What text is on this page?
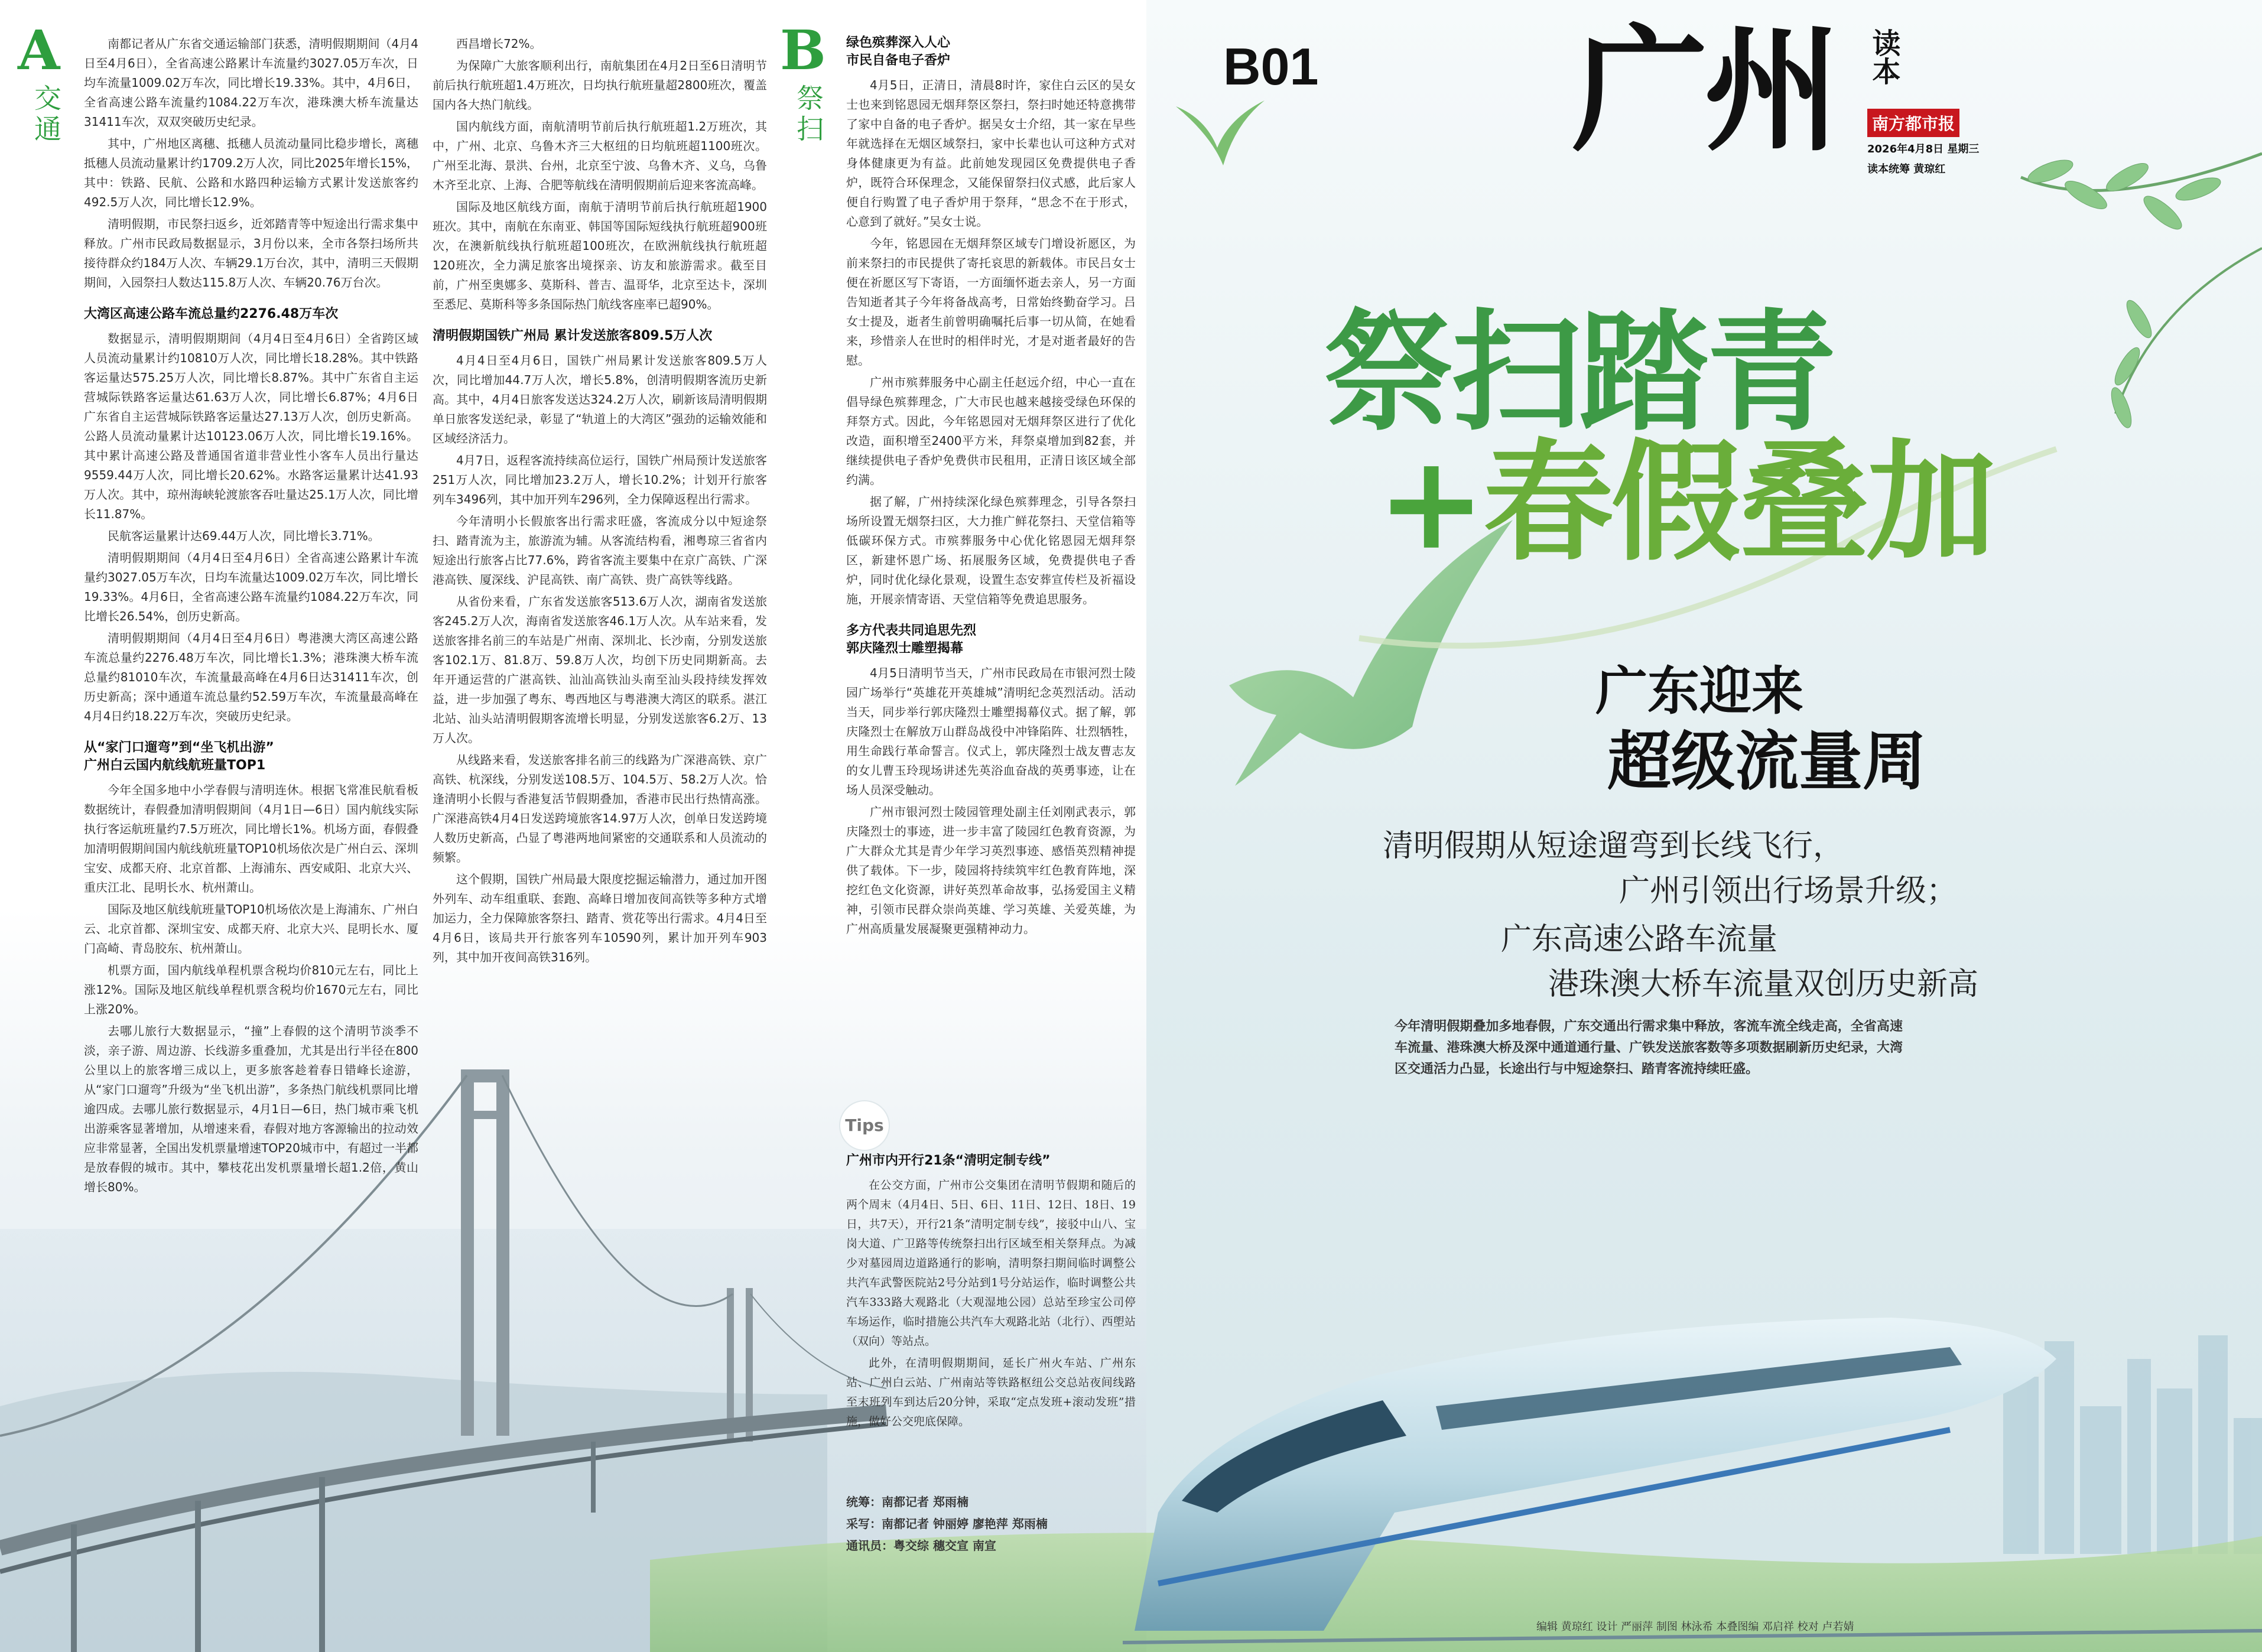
A
交通
B
祭扫

南都记者从广东省交通运输部门获悉，清明假期期间（4月4日至4月6日），全省高速公路累计车流量约3027.05万车次，日均车流量1009.02万车次，同比增长19.33%。其中，4月6日，全省高速公路车流量约1084.22万车次，港珠澳大桥车流量达31411车次，双双突破历史纪录。

其中，广州地区离穗、抵穗人员流动量同比稳步增长，离穗抵穗人员流动量累计约1709.2万人次，同比2025年增长15%，其中：铁路、民航、公路和水路四种运输方式累计发送旅客约492.5万人次，同比增长12.9%。

清明假期，市民祭扫返乡，近郊踏青等中短途出行需求集中释放。广州市民政局数据显示，3月份以来，全市各祭扫场所共接待群众约184万人次、车辆29.1万台次，其中，清明三天假期期间，入园祭扫人数达115.8万人次、车辆20.76万台次。

大湾区高速公路车流总量约2276.48万车次

数据显示，清明假期期间（4月4日至4月6日）全省跨区域人员流动量累计约10810万人次，同比增长18.28%。其中铁路客运量达575.25万人次，同比增长8.87%。其中广东省自主运营城际铁路客运量达61.63万人次，同比增长6.87%；4月6日广东省自主运营城际铁路客运量达27.13万人次，创历史新高。公路人员流动量累计达10123.06万人次，同比增长19.16%。其中累计高速公路及普通国省道非营业性小客车人员出行量达9559.44万人次，同比增长20.62%。水路客运量累计达41.93万人次。其中，琼州海峡轮渡旅客吞吐量达25.1万人次，同比增长11.87%。

民航客运量累计达69.44万人次，同比增长3.71%。

清明假期期间（4月4日至4月6日）全省高速公路累计车流量约3027.05万车次，日均车流量达1009.02万车次，同比增长19.33%。4月6日，全省高速公路车流量约1084.22万车次，同比增长26.54%，创历史新高。

清明假期期间（4月4日至4月6日）粤港澳大湾区高速公路车流总量约2276.48万车次，同比增长1.3%；港珠澳大桥车流总量约81010车次，车流量最高峰在4月6日达31411车次，创历史新高；深中通道车流总量约52.59万车次，车流量最高峰在4月4日约18.22万车次，突破历史纪录。

从“家门口遛弯”到“坐飞机出游”
广州白云国内航线航班量TOP1

今年全国多地中小学春假与清明连休。根据飞常准民航看板数据统计，春假叠加清明假期间（4月1日—6日）国内航线实际执行客运航班量约7.5万班次，同比增长1%。机场方面，春假叠加清明假期间国内航线航班量TOP10机场依次是广州白云、深圳宝安、成都天府、北京首都、上海浦东、西安咸阳、北京大兴、重庆江北、昆明长水、杭州萧山。

国际及地区航线航班量TOP10机场依次是上海浦东、广州白云、北京首都、深圳宝安、成都天府、北京大兴、昆明长水、厦门高崎、青岛胶东、杭州萧山。

机票方面，国内航线单程机票含税均价810元左右，同比上涨12%。国际及地区航线单程机票含税均价1670元左右，同比上涨20%。

去哪儿旅行大数据显示，“撞”上春假的这个清明节淡季不淡，亲子游、周边游、长线游多重叠加，尤其是出行半径在800公里以上的旅客增三成以上，更多旅客趁着春日错峰长途游，从“家门口遛弯”升级为“坐飞机出游”，多条热门航线机票同比增逾四成。去哪儿旅行数据显示，4月1日—6日，热门城市乘飞机出游乘客显著增加，从增速来看，春假对地方客源输出的拉动效应非常显著，全国出发机票量增速TOP20城市中，有超过一半都是放春假的城市。其中，攀枝花出发机票量增长超1.2倍，黄山增长80%。

西昌增长72%。

为保障广大旅客顺利出行，南航集团在4月2日至6日清明节前后执行航班超1.4万班次，日均执行航班量超2800班次，覆盖国内各大热门航线。

国内航线方面，南航清明节前后执行航班超1.2万班次，其中，广州、北京、乌鲁木齐三大枢纽的日均航班超1100班次。广州至北海、景洪、台州，北京至宁波、乌鲁木齐、义乌，乌鲁木齐至北京、上海、合肥等航线在清明假期前后迎来客流高峰。

国际及地区航线方面，南航于清明节前后执行航班超1900班次。其中，南航在东南亚、韩国等国际短线执行航班超900班次，在澳新航线执行航班超100班次，在欧洲航线执行航班超120班次，全力满足旅客出境探亲、访友和旅游需求。截至目前，广州至奥娜多、莫斯科、普吉、温哥华，北京至达卡，深圳至悉尼、莫斯科等多条国际热门航线客座率已超90%。

清明假期国铁广州局 累计发送旅客809.5万人次

4月4日至4月6日，国铁广州局累计发送旅客809.5万人次，同比增加44.7万人次，增长5.8%，创清明假期客流历史新高。其中，4月4日旅客发送达324.2万人次，刷新该局清明假期单日旅客发送纪录，彰显了“轨道上的大湾区”强劲的运输效能和区域经济活力。

4月7日，返程客流持续高位运行，国铁广州局预计发送旅客251万人次，同比增加23.2万人，增长10.2%；计划开行旅客列车3496列，其中加开列车296列，全力保障返程出行需求。

今年清明小长假旅客出行需求旺盛，客流成分以中短途祭扫、踏青流为主，旅游流为辅。从客流结构看，湘粤琼三省省内短途出行旅客占比77.6%，跨省客流主要集中在京广高铁、广深港高铁、厦深线、沪昆高铁、南广高铁、贵广高铁等线路。

从省份来看，广东省发送旅客513.6万人次，湖南省发送旅客245.2万人次，海南省发送旅客46.1万人次。从车站来看，发送旅客排名前三的车站是广州南、深圳北、长沙南，分别发送旅客102.1万、81.8万、59.8万人次，均创下历史同期新高。去年开通运营的广湛高铁、汕汕高铁汕头南至汕头段持续发挥效益，进一步加强了粤东、粤西地区与粤港澳大湾区的联系。湛江北站、汕头站清明假期客流增长明显，分别发送旅客6.2万、13万人次。

从线路来看，发送旅客排名前三的线路为广深港高铁、京广高铁、杭深线，分别发送108.5万、104.5万、58.2万人次。恰逢清明小长假与香港复活节假期叠加，香港市民出行热情高涨。广深港高铁4月4日发送跨境旅客14.97万人次，创单日发送跨境人数历史新高，凸显了粤港两地间紧密的交通联系和人员流动的频繁。

这个假期，国铁广州局最大限度挖掘运输潜力，通过加开图外列车、动车组重联、套跑、高峰日增加夜间高铁等多种方式增加运力，全力保障旅客祭扫、踏青、赏花等出行需求。4月4日至4月6日，该局共开行旅客列车10590列，累计加开列车903列，其中加开夜间高铁316列。

绿色殡葬深入人心
市民自备电子香炉

4月5日，正清日，清晨8时许，家住白云区的吴女士也来到铭恩园无烟拜祭区祭扫，祭扫时她还特意携带了家中自备的电子香炉。据吴女士介绍，其一家在早些年就选择在无烟区域祭扫，家中长辈也认可这种方式对身体健康更为有益。此前她发现园区免费提供电子香炉，既符合环保理念，又能保留祭扫仪式感，此后家人便自行购置了电子香炉用于祭拜，“思念不在于形式，心意到了就好。”吴女士说。

今年，铭恩园在无烟拜祭区域专门增设祈愿区，为前来祭扫的市民提供了寄托哀思的新载体。市民吕女士便在祈愿区写下寄语，一方面缅怀逝去亲人，另一方面告知逝者其子今年将备战高考，日常始终勤奋学习。吕女士提及，逝者生前曾明确嘱托后事一切从简，在她看来，珍惜亲人在世时的相伴时光，才是对逝者最好的告慰。

广州市殡葬服务中心副主任赵远介绍，中心一直在倡导绿色殡葬理念，广大市民也越来越接受绿色环保的拜祭方式。因此，今年铭恩园对无烟拜祭区进行了优化改造，面积增至2400平方米，拜祭桌增加到82套，并继续提供电子香炉免费供市民租用，正清日该区域全部约满。

据了解，广州持续深化绿色殡葬理念，引导各祭扫场所设置无烟祭扫区，大力推广鲜花祭扫、天堂信箱等低碳环保方式。市殡葬服务中心优化铭恩园无烟拜祭区，新建怀恩广场、拓展服务区域，免费提供电子香炉，同时优化绿化景观，设置生态安葬宣传栏及祈福设施，开展亲情寄语、天堂信箱等免费追思服务。

多方代表共同追思先烈
郭庆隆烈士雕塑揭幕

4月5日清明节当天，广州市民政局在市银河烈士陵园广场举行“英雄花开英雄城”清明纪念英烈活动。活动当天，同步举行郭庆隆烈士雕塑揭幕仪式。据了解，郭庆隆烈士在解放万山群岛战役中冲锋陷阵、壮烈牺牲，用生命践行革命誓言。仪式上，郭庆隆烈士战友曹志友的女儿曹玉玲现场讲述先英浴血奋战的英勇事迹，让在场人员深受触动。

广州市银河烈士陵园管理处副主任刘刚武表示，郭庆隆烈士的事迹，进一步丰富了陵园红色教育资源，为广大群众尤其是青少年学习英烈事迹、感悟英烈精神提供了载体。下一步，陵园将持续筑牢红色教育阵地，深挖红色文化资源，讲好英烈革命故事，弘扬爱国主义精神，引领市民群众崇尚英雄、学习英雄、关爱英雄，为广州高质量发展凝聚更强精神动力。

Tips
广州市内开行21条“清明定制专线”

在公交方面，广州市公交集团在清明节假期和随后的两个周末（4月4日、5日、6日、11日、12日、18日、19日，共7天），开行21条“清明定制专线”，接驳中山八、宝岗大道、广卫路等传统祭扫出行区域至相关祭拜点。为减少对墓园周边道路通行的影响，清明祭扫期间临时调整公共汽车武警医院站2号分站到1号分站运作，临时调整公共汽车333路大观路北（大观湿地公园）总站至珍宝公司停车场运作，临时措施公共汽车大观路北站（北行）、西塱站（双向）等站点。

此外，在清明假期期间，延长广州火车站、广州东站、广州白云站、广州南站等铁路枢纽公交总站夜间线路至末班列车到达后20分钟，采取“定点发班+滚动发班”措施，做好公交兜底保障。

统筹：南都记者 郑雨楠

采写：南都记者 钟丽婷 廖艳萍 郑雨楠

通讯员：粤交综 穗交宣 南宣

B01 广州 读本
南方都市报
2026年4月8日 星期三
读本统筹 黄琼红
祭扫踏青
+春假叠加
广东迎来
超级流量周
清明假期从短途遛弯到长线飞行，
广州引领出行场景升级；
广东高速公路车流量
港珠澳大桥车流量双创历史新高
今年清明假期叠加多地春假，广东交通出行需求集中释放，客流车流全线走高，全省高速车流量、港珠澳大桥及深中通道通行量、广铁发送旅客数等多项数据刷新历史纪录，大湾区交通活力凸显，长途出行与中短途祭扫、踏青客流持续旺盛。
编辑 黄琼红 设计 严丽萍 制图 林泳希 本叠图编 邓启祥 校对 卢若婧
